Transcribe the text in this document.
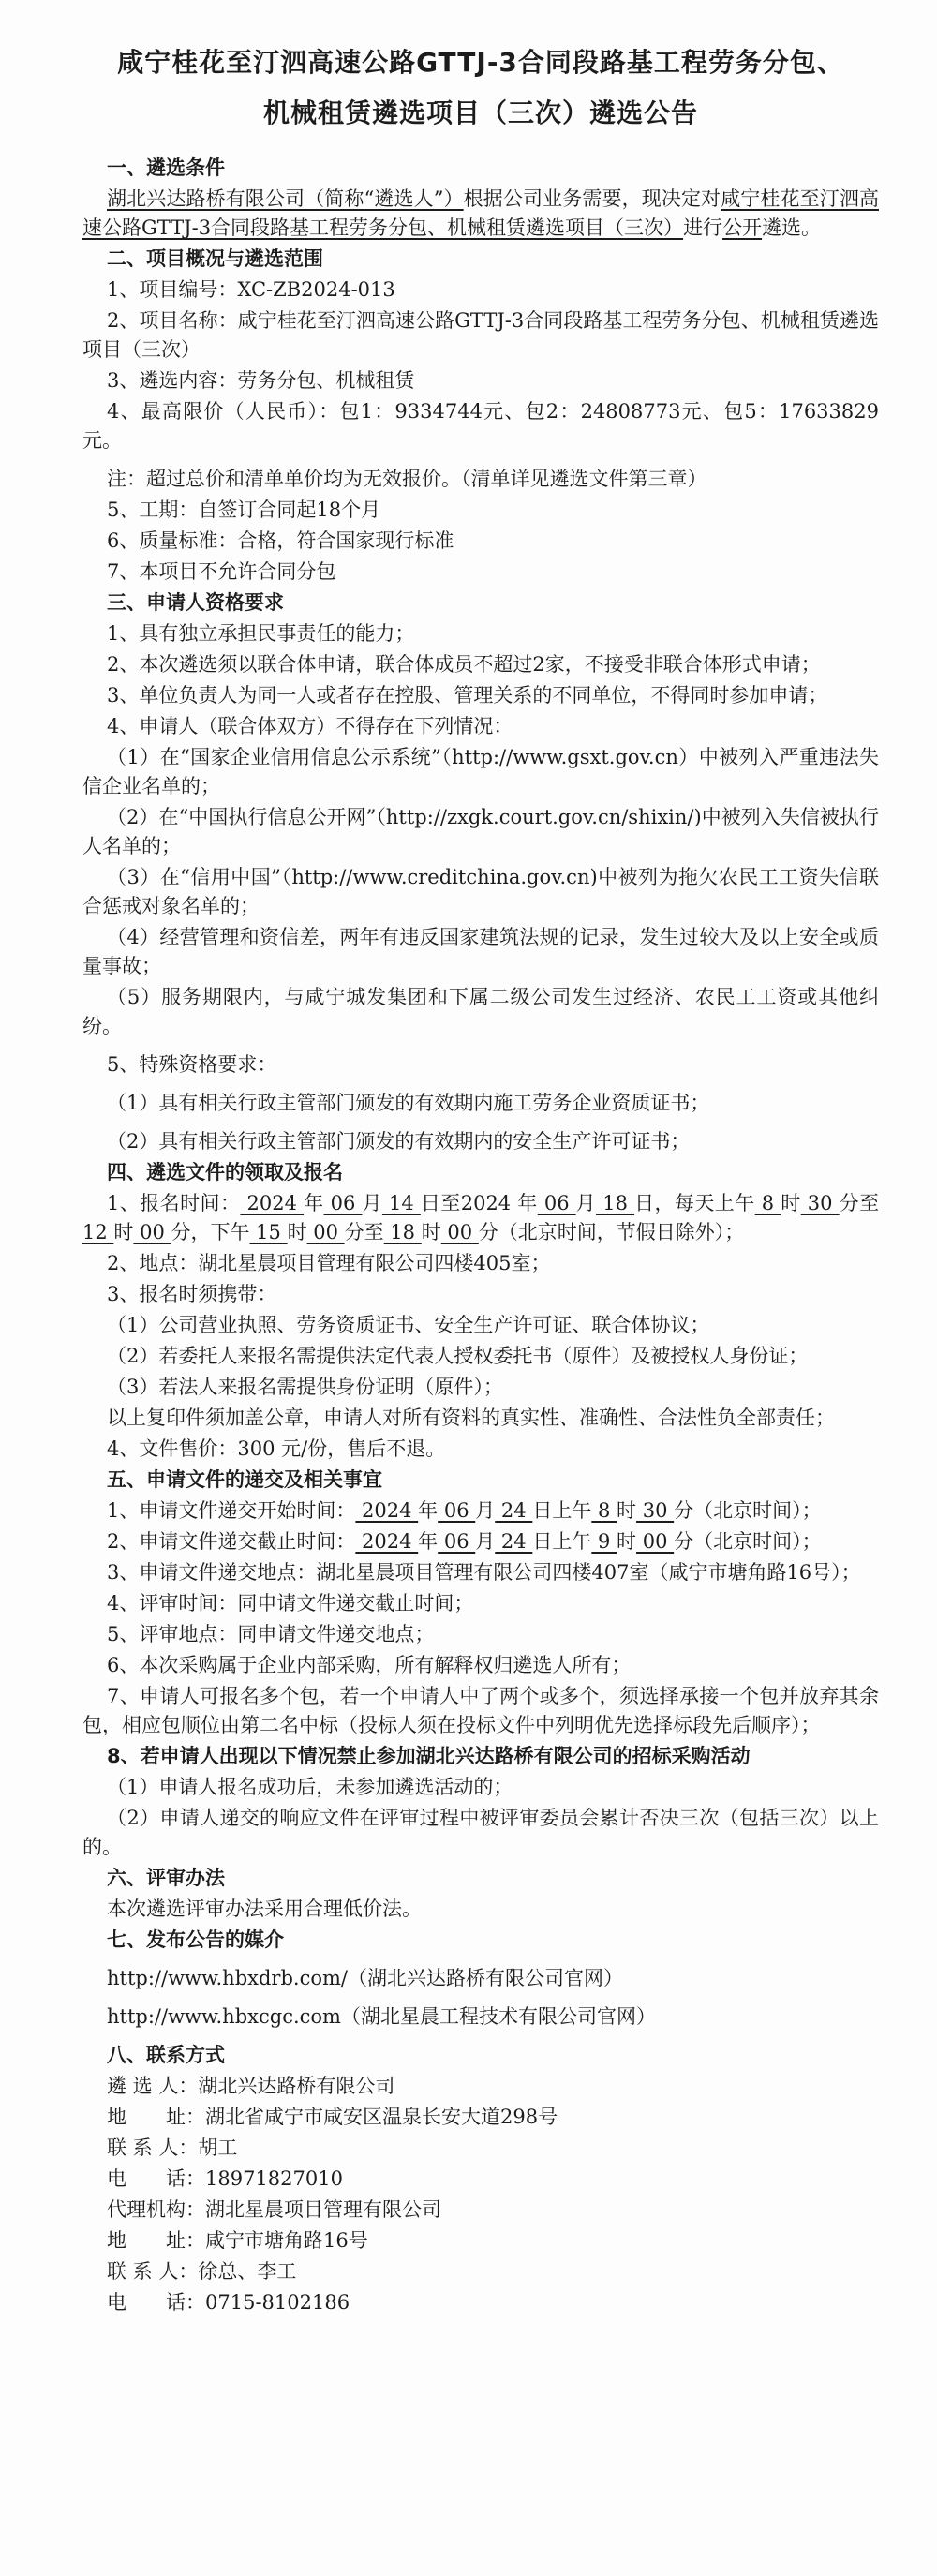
咸宁桂花至汀泗高速公路GTTJ-3合同段路基工程劳务分包、
机械租赁遴选项目（三次）遴选公告

一、遴选条件

湖北兴达路桥有限公司（简称“遴选人”）根据公司业务需要，现决定对咸宁桂花至汀泗高速公路GTTJ-3合同段路基工程劳务分包、机械租赁遴选项目（三次）进行公开遴选。

二、项目概况与遴选范围

1、项目编号：XC-ZB2024-013

2、项目名称：咸宁桂花至汀泗高速公路GTTJ-3合同段路基工程劳务分包、机械租赁遴选项目（三次）

3、遴选内容：劳务分包、机械租赁

4、最高限价（人民币）：包1：9334744元、包2：24808773元、包5：17633829元。

注：超过总价和清单单价均为无效报价。（清单详见遴选文件第三章）

5、工期：自签订合同起18个月

6、质量标准：合格，符合国家现行标准

7、本项目不允许合同分包

三、申请人资格要求

1、具有独立承担民事责任的能力；

2、本次遴选须以联合体申请，联合体成员不超过2家，不接受非联合体形式申请；

3、单位负责人为同一人或者存在控股、管理关系的不同单位，不得同时参加申请；

4、申请人（联合体双方）不得存在下列情况：

（1）在“国家企业信用信息公示系统”（http://www.gsxt.gov.cn）中被列入严重违法失信企业名单的；

（2）在“中国执行信息公开网”（http://zxgk.court.gov.cn/shixin/)中被列入失信被执行人名单的；

（3）在“信用中国”（http://www.creditchina.gov.cn)中被列为拖欠农民工工资失信联合惩戒对象名单的；

（4）经营管理和资信差，两年有违反国家建筑法规的记录，发生过较大及以上安全或质量事故；

（5）服务期限内，与咸宁城发集团和下属二级公司发生过经济、农民工工资或其他纠纷。

5、特殊资格要求：

（1）具有相关行政主管部门颁发的有效期内施工劳务企业资质证书；

（2）具有相关行政主管部门颁发的有效期内的安全生产许可证书；

四、遴选文件的领取及报名

1、报名时间： 2024 年 06 月 14 日至2024 年 06 月 18 日，每天上午 8 时 30 分至 12 时 00 分，下午 15 时 00 分至 18 时 00 分（北京时间，节假日除外）；

2、地点：湖北星晨项目管理有限公司四楼405室；

3、报名时须携带：

（1）公司营业执照、劳务资质证书、安全生产许可证、联合体协议；

（2）若委托人来报名需提供法定代表人授权委托书（原件）及被授权人身份证；

（3）若法人来报名需提供身份证明（原件）；

以上复印件须加盖公章，申请人对所有资料的真实性、准确性、合法性负全部责任；

4、文件售价：300 元/份，售后不退。

五、申请文件的递交及相关事宜

1、申请文件递交开始时间： 2024 年 06 月 24 日上午 8 时 30 分（北京时间）；

2、申请文件递交截止时间： 2024 年 06 月 24 日上午 9 时 00 分（北京时间）；

3、申请文件递交地点：湖北星晨项目管理有限公司四楼407室（咸宁市塘角路16号）；

4、评审时间：同申请文件递交截止时间；

5、评审地点：同申请文件递交地点；

6、本次采购属于企业内部采购，所有解释权归遴选人所有；

7、申请人可报名多个包，若一个申请人中了两个或多个，须选择承接一个包并放弃其余包，相应包顺位由第二名中标（投标人须在投标文件中列明优先选择标段先后顺序）；

8、若申请人出现以下情况禁止参加湖北兴达路桥有限公司的招标采购活动

（1）申请人报名成功后，未参加遴选活动的；

（2）申请人递交的响应文件在评审过程中被评审委员会累计否决三次（包括三次）以上的。

六、评审办法

本次遴选评审办法采用合理低价法。

七、发布公告的媒介

http://www.hbxdrb.com/（湖北兴达路桥有限公司官网）

http://www.hbxcgc.com（湖北星晨工程技术有限公司官网）

八、联系方式

遴 选 人：湖北兴达路桥有限公司

地　　址：湖北省咸宁市咸安区温泉长安大道298号

联 系 人：胡工

电　　话：18971827010

代理机构：湖北星晨项目管理有限公司

地　　址：咸宁市塘角路16号

联 系 人：徐总、李工

电　　话：0715-8102186
